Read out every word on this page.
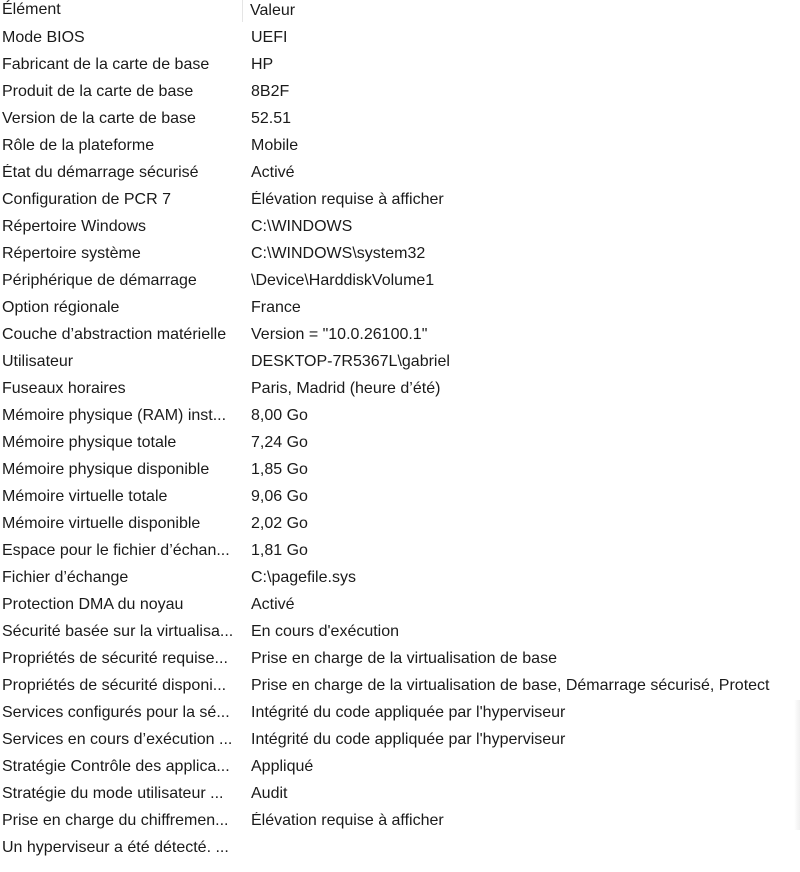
Élément	Valeur
Mode BIOS	UEFI
Fabricant de la carte de base	HP
Produit de la carte de base	8B2F
Version de la carte de base	52.51
Rôle de la plateforme	Mobile
État du démarrage sécurisé	Activé
Configuration de PCR 7	Élévation requise à afficher
Répertoire Windows	C:\WINDOWS
Répertoire système	C:\WINDOWS\system32
Périphérique de démarrage	\Device\HarddiskVolume1
Option régionale	France
Couche d’abstraction matérielle	Version = "10.0.26100.1"
Utilisateur	DESKTOP-7R5367L\gabriel
Fuseaux horaires	Paris, Madrid (heure d’été)
Mémoire physique (RAM) inst...	8,00 Go
Mémoire physique totale	7,24 Go
Mémoire physique disponible	1,85 Go
Mémoire virtuelle totale	9,06 Go
Mémoire virtuelle disponible	2,02 Go
Espace pour le fichier d’échan...	1,81 Go
Fichier d’échange	C:\pagefile.sys
Protection DMA du noyau	Activé
Sécurité basée sur la virtualisa...	En cours d'exécution
Propriétés de sécurité requise...	Prise en charge de la virtualisation de base
Propriétés de sécurité disponi...	Prise en charge de la virtualisation de base, Démarrage sécurisé, Protect
Services configurés pour la sé...	Intégrité du code appliquée par l'hyperviseur
Services en cours d’exécution ...	Intégrité du code appliquée par l'hyperviseur
Stratégie Contrôle des applica...	Appliqué
Stratégie du mode utilisateur ...	Audit
Prise en charge du chiffremen...	Élévation requise à afficher
Un hyperviseur a été détecté. ...
